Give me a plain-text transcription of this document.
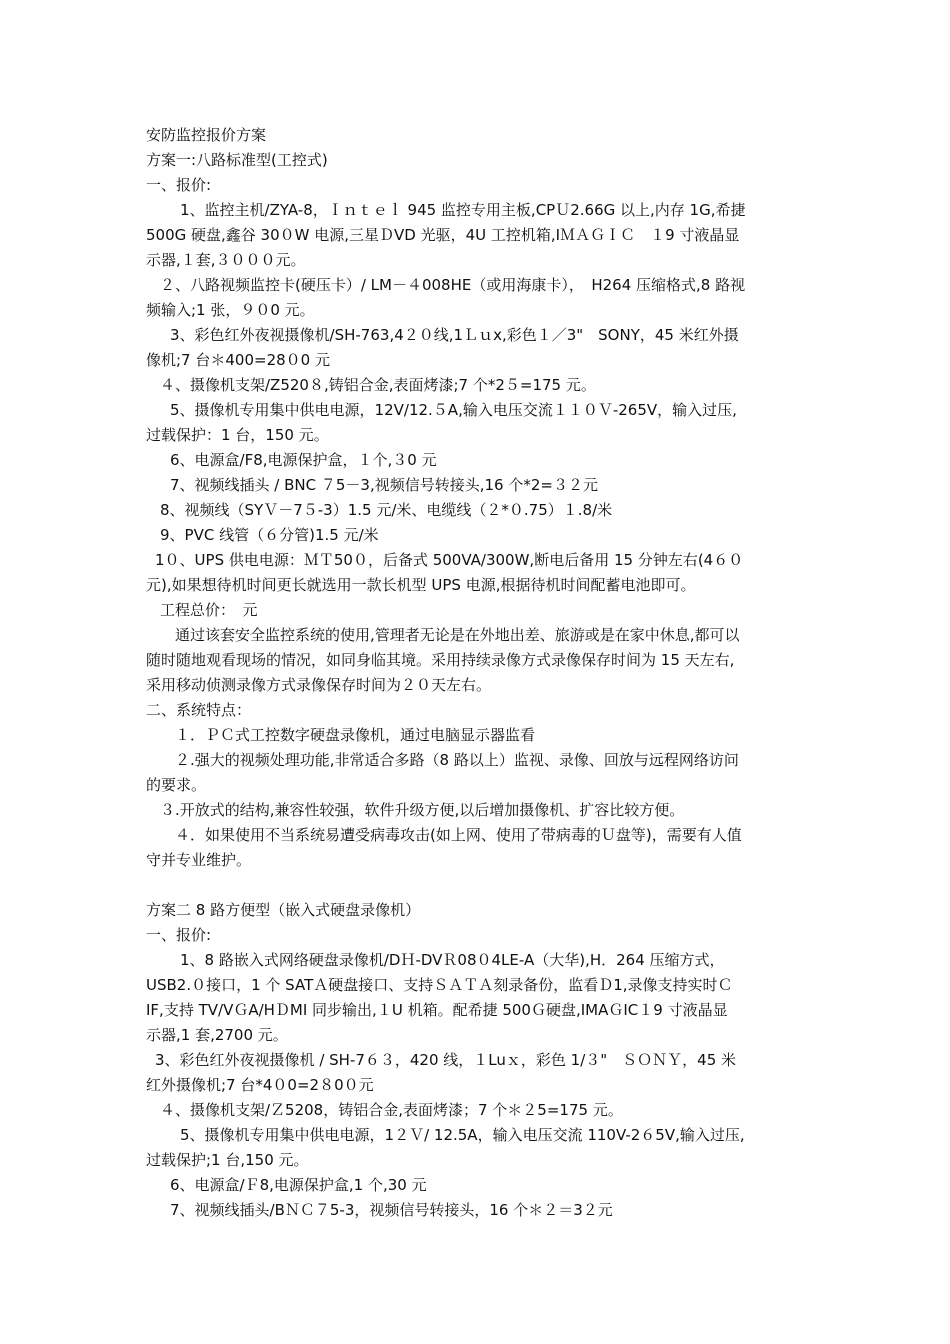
安防监控报价方案
方案一:八路标准型(工控式)
一、报价:
1、监控主机/ZYA-8，Ｉｎｔｅｌ 945 监控专用主板,CPＵ2.66G 以上,内存 1G,希捷
500G 硬盘,鑫谷 30０W 电源,三星ＤVD 光驱，4U 工控机箱,IＭＡＧＩＣ　１9 寸液晶显
示器,１套,３０００元。
２、八路视频监控卡(硬压卡）/ LM－４008HE（或用海康卡），　H264 压缩格式,8 路视
频输入;1 张，９０0 元。
3、彩色红外夜视摄像机/SH-763,4２０线,1Ｌｕx,彩色１／3"　SONY，45 米红外摄
像机;7 台＊400=28０0 元
４、摄像机支架/Z520８,铸铝合金,表面烤漆;7 个*2５=175 元。
5、摄像机专用集中供电电源，12V/12.５A,输入电压交流１１０Ｖ-265V，输入过压,
过载保护：1 台，150 元。
6、电源盒/F8,电源保护盒，１个,３0 元
7、视频线插头 / BNC ７5－3,视频信号转接头,16 个*2=３２元
8、视频线（SYＶ－7５-3）1.5 元/米、电缆线（２*０.75）１.8/米
9、PVC 线管（６分管)1.5 元/米
1０、UPS 供电电源：ＭＴ50０，后备式 500VA/300W,断电后备用 15 分钟左右(4６０
元),如果想待机时间更长就选用一款长机型 UPS 电源,根据待机时间配蓄电池即可。
工程总价：　元
通过该套安全监控系统的使用,管理者无论是在外地出差、旅游或是在家中休息,都可以
随时随地观看现场的情况，如同身临其境。采用持续录像方式录像保存时间为 15 天左右,
采用移动侦测录像方式录像保存时间为２０天左右。
二、系统特点：
１．ＰＣ式工控数字硬盘录像机，通过电脑显示器监看
２.强大的视频处理功能,非常适合多路（8 路以上）监视、录像、回放与远程网络访问
的要求。
３.开放式的结构,兼容性较强，软件升级方便,以后增加摄像机、扩容比较方便。
４．如果使用不当系统易遭受病毒攻击(如上网、使用了带病毒的Ｕ盘等)，需要有人值
守并专业维护。
方案二 8 路方便型（嵌入式硬盘录像机）
一、报价:
1、8 路嵌入式网络硬盘录像机/DＨ-DVＲ08０4LE-A（大华),H．264 压缩方式，
USB2.０接口，1 个 SATＡ硬盘接口、支持ＳＡＴＡ刻录备份，监看Ｄ1,录像支持实时Ｃ
IF,支持 TV/VＧA/HＤMI 同步输出,１U 机箱。配希捷 500Ｇ硬盘,IMAＧIC１9 寸液晶显
示器,1 套,2700 元。
3、彩色红外夜视摄像机 / SH-7６３，420 线，１Luｘ，彩色 1/３"　ＳＯＮＹ，45 米
红外摄像机;7 台*4０0=2８0０元
４、摄像机支架/Ｚ5208，铸铝合金,表面烤漆；7 个＊２5=175 元。
5、摄像机专用集中供电电源，1２Ｖ/ 12.5A，输入电压交流 110V-2６5V,输入过压,
过载保护;1 台,150 元。
6、电源盒/Ｆ8,电源保护盒,1 个,30 元
7、视频线插头/BＮＣ７5-3，视频信号转接头，16 个＊２＝3２元
